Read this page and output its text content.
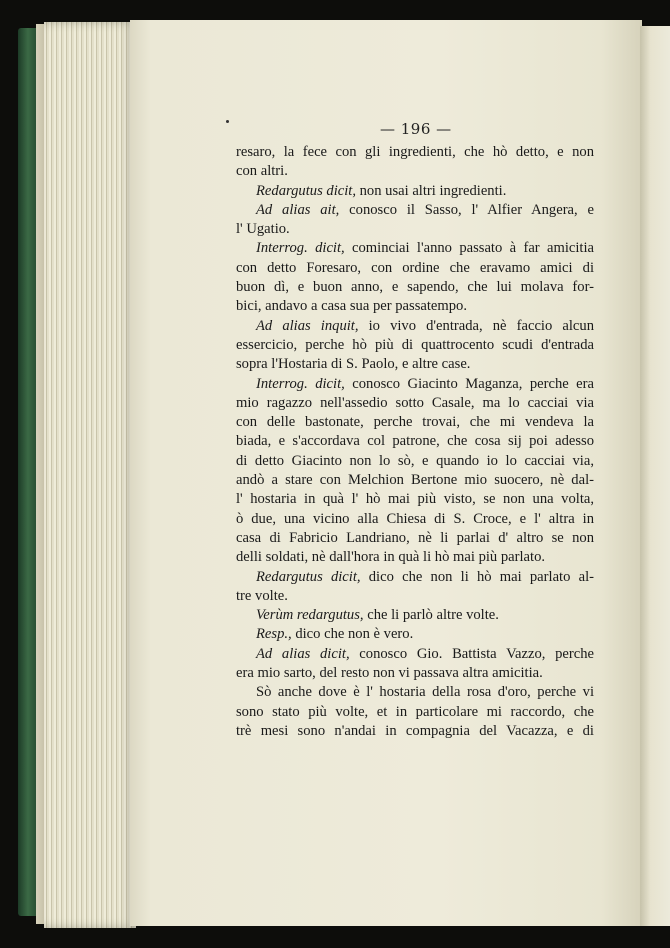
— 196 —
resaro, la fece con gli ingredienti, che hò detto, e non
con altri.
Redargutus dicit, non usai altri ingredienti.
Ad alias ait, conosco il Sasso, l' Alfier Angera, e
l' Ugatio.
Interrog. dicit, cominciai l'anno passato à far amicitia
con detto Foresaro, con ordine che eravamo amici di
buon dì, e buon anno, e sapendo, che lui molava for-
bici, andavo a casa sua per passatempo.
Ad alias inquit, io vivo d'entrada, nè faccio alcun
essercicio, perche hò più di quattrocento scudi d'entrada
sopra l'Hostaria di S. Paolo, e altre case.
Interrog. dicit, conosco Giacinto Maganza, perche era
mio ragazzo nell'assedio sotto Casale, ma lo cacciai via
con delle bastonate, perche trovai, che mi vendeva la
biada, e s'accordava col patrone, che cosa sij poi adesso
di detto Giacinto non lo sò, e quando io lo cacciai via,
andò a stare con Melchion Bertone mio suocero, nè dal-
l' hostaria in quà l' hò mai più visto, se non una volta,
ò due, una vicino alla Chiesa di S. Croce, e l' altra in
casa di Fabricio Landriano, nè li parlai d' altro se non
delli soldati, nè dall'hora in quà li hò mai più parlato.
Redargutus dicit, dico che non li hò mai parlato al-
tre volte.
Verùm redargutus, che li parlò altre volte.
Resp., dico che non è vero.
Ad alias dicit, conosco Gio. Battista Vazzo, perche
era mio sarto, del resto non vi passava altra amicitia.
Sò anche dove è l' hostaria della rosa d'oro, perche vi
sono stato più volte, et in particolare mi raccordo, che
trè mesi sono n'andai in compagnia del Vacazza, e di
